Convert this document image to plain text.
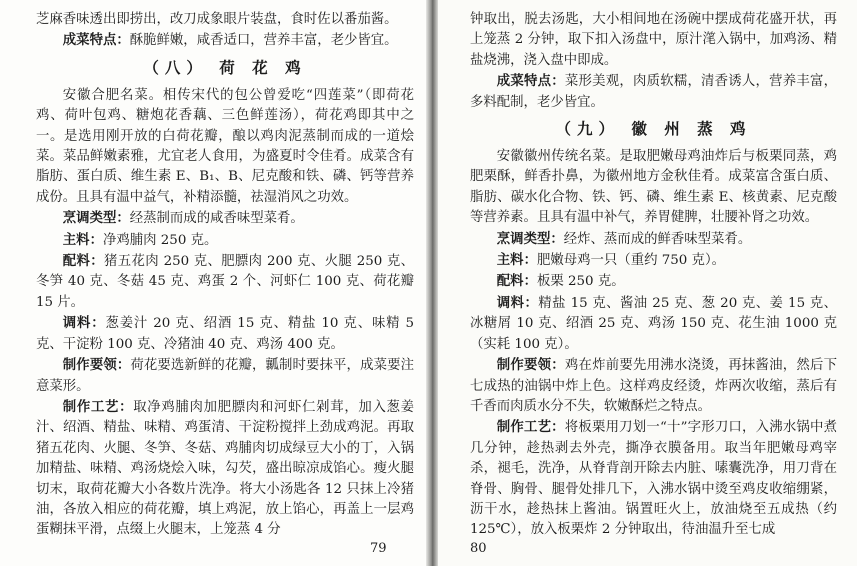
芝麻香味透出即捞出，改刀成象眼片装盘，食时佐以番茄酱。

成菜特点：酥脆鲜嫩，咸香适口，营养丰富，老少皆宜。

（八） 荷 花 鸡

安徽合肥名菜。相传宋代的包公曾爱吃“四莲菜”（即荷花鸡、荷叶包鸡、糖炮花香藕、三色鲜莲汤），荷花鸡即其中之一。是选用刚开放的白荷花瓣，酿以鸡肉泥蒸制而成的一道烩菜。菜品鲜嫩素雅，尤宜老人食用，为盛夏时令佳肴。成菜含有脂肪、蛋白质、维生素 E、B₁、B、尼克酸和铁、磷、钙等营养成份。且具有温中益气，补精添髓，祛湿消风之功效。

烹调类型：经蒸制而成的咸香味型菜肴。

主料：净鸡脯肉 250 克。

配料：猪五花肉 250 克、肥膘肉 200 克、火腿 250 克、冬笋 40 克、冬菇 45 克、鸡蛋 2 个、河虾仁 100 克、荷花瓣 15 片。

调料：葱姜汁 20 克、绍酒 15 克、精盐 10 克、味精 5 克、干淀粉 100 克、冷猪油 40 克、鸡汤 400 克。

制作要领：荷花要选新鲜的花瓣，瓤制时要抹平，成菜要注意菜形。

制作工艺：取净鸡脯肉加肥膘肉和河虾仁剁茸，加入葱姜汁、绍酒、精盐、味精、鸡蛋清、干淀粉搅拌上劲成鸡泥。再取猪五花肉、火腿、冬笋、冬菇、鸡脯肉切成绿豆大小的丁，入锅加精盐、味精、鸡汤烧烩入味，勾芡，盛出晾凉成馅心。瘦火腿切末，取荷花瓣大小各数片洗净。将大小汤匙各 12 只抹上冷猪油，各放入相应的荷花瓣，填上鸡泥，放上馅心，再盖上一层鸡蛋糊抹平滑，点缀上火腿末，上笼蒸 4 分

79

钟取出，脱去汤匙，大小相间地在汤碗中摆成荷花盛开状，再上笼蒸 2 分钟，取下扣入汤盘中，原汁滗入锅中，加鸡汤、精盐烧沸，浇入盘中即成。

成菜特点：菜形美观，肉质软糯，清香诱人，营养丰富，多料配制，老少皆宜。

（九） 徽 州 蒸 鸡

安徽徽州传统名菜。是取肥嫩母鸡油炸后与板栗同蒸，鸡肥栗酥，鲜香扑鼻，为徽州地方金秋佳肴。成菜富含蛋白质、脂肪、碳水化合物、铁、钙、磷、维生素 E、核黄素、尼克酸等营养素。且具有温中补气，养胃健脾，壮腰补肾之功效。

烹调类型：经炸、蒸而成的鲜香味型菜肴。

主料：肥嫩母鸡一只（重约 750 克）。

配料：板栗 250 克。

调料：精盐 15 克、酱油 25 克、葱 20 克、姜 15 克、冰糖屑 10 克、绍酒 25 克、鸡汤 150 克、花生油 1000 克（实耗 100 克）。

制作要领：鸡在炸前要先用沸水浇烫，再抹酱油，然后下七成热的油锅中炸上色。这样鸡皮经烫，炸两次收缩，蒸后有千香而肉质水分不失，软嫩酥烂之特点。

制作工艺：将板栗用刀划一“十”字形刀口，入沸水锅中煮几分钟，趁热剥去外壳，撕净衣膜备用。取当年肥嫩母鸡宰杀，褪毛，洗净，从脊背剖开除去内脏、嗉囊洗净，用刀背在脊骨、胸骨、腿骨处排几下，入沸水锅中烫至鸡皮收缩绷紧，沥干水，趁热抹上酱油。锅置旺火上，放油烧至五成热（约 125℃），放入板栗炸 2 分钟取出，待油温升至七成

80
